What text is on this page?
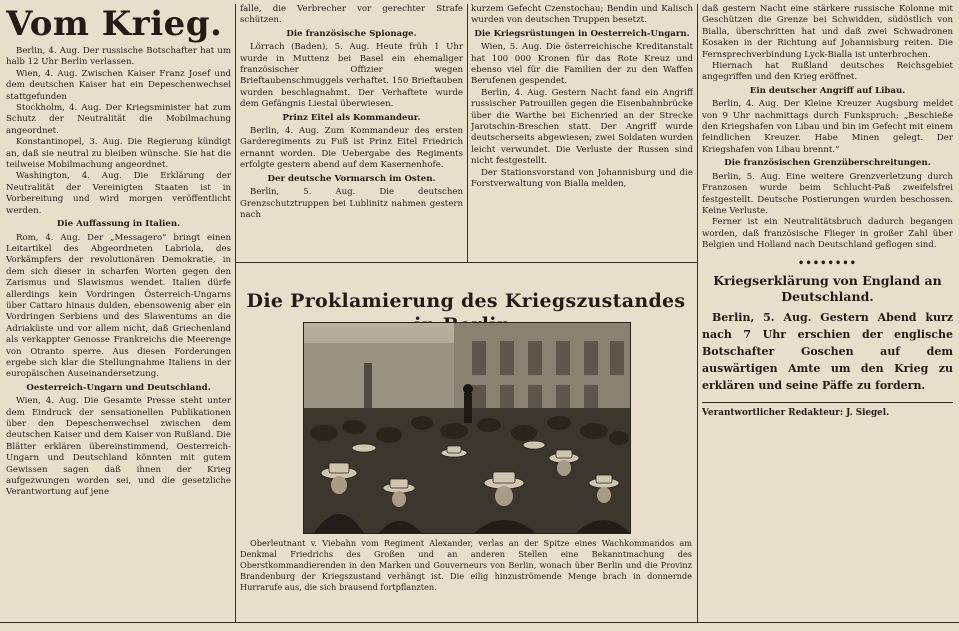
Vom Krieg.

Berlin, 4. Aug. Der russische Botschafter hat um halb 12 Uhr Berlin verlassen.

Wien, 4. Aug. Zwischen Kaiser Franz Josef und dem deutschen Kaiser hat ein Depeschenwechsel stattgefunden

Stockholm, 4. Aug. Der Kriegsminister hat zum Schutz der Neutralität die Mobilmachung angeordnet.

Konstantinopel, 3. Aug. Die Regierung kündigt an, daß sie neutral zu bleiben wünsche. Sie hat die teilweise Mobilmachung angeordnet.

Washington, 4. Aug. Die Erklärung der Neutralität der Vereinigten Staaten ist in Vorbereitung und wird morgen veröffentlicht werden.

Die Auffassung in Italien.

Rom, 4. Aug. Der „Messagero“ bringt einen Leitartikel des Abgeordneten Labriola, des Vorkämpfers der revolutionären Demokratie, in dem sich dieser in scharfen Worten gegen den Zarismus und Slawismus wendet. Italien dürfe allerdings kein Vordringen Österreich-Ungarns über Cattaro hinaus dulden, ebensowenig aber ein Vordringen Serbiens und des Slawentums an die Adriaküste und vor allem nicht, daß Griechenland als verkappter Genosse Frankreichs die Meerenge von Otranto sperre. Aus diesen Forderungen ergebe sich klar die Stellungnahme Italiens in der europäischen Auseinandersetzung.

Oesterreich-Ungarn und Deutschland.

Wien, 4. Aug. Die Gesamte Presse steht unter dem Eindruck der sensationellen Publikationen über den Depeschenwechsel zwischen dem deutschen Kaiser und dem Kaiser von Rußland. Die Blätter erklären übereinstimmend, Oesterreich-Ungarn und Deutschland könnten mit gutem Gewissen sagen daß ihnen der Krieg aufgezwungen worden sei, und die gesetzliche Verantwortung auf jene

falle, die Verbrecher vor gerechter Strafe schützen.

Die französische Spionage.

Lörrach (Baden), 5. Aug. Heute früh 1 Uhr wurde in Muttenz bei Basel ein ehemaliger französischer Offizier wegen Brieftaubenschmuggels verhaftet. 150 Brieftauben wurden beschlagnahmt. Der Verhaftete wurde dem Gefängnis Liestal überwiesen.

Prinz Eitel als Kommandeur.

Berlin, 4. Aug. Zum Kommandeur des ersten Garderegiments zu Fuß ist Prinz Eitel Friedrich ernannt worden. Die Uebergabe des Regiments erfolgte gestern abend auf dem Kasernenhofe.

Der deutsche Vormarsch im Osten.

Berlin, 5. Aug. Die deutschen Grenzschutztruppen bei Lublinitz nahmen gestern nach

kurzem Gefecht Czenstochau; Bendin und Kalisch wurden von deutschen Truppen besetzt.

Die Kriegsrüstungen in Oesterreich-Ungarn.

Wien, 5. Aug. Die österreichische Kreditanstalt hat 100 000 Kronen für das Rote Kreuz und ebenso viel für die Familien der zu den Waffen Berufenen gespendet.

Berlin, 4. Aug. Gestern Nacht fand ein Angriff russischer Patrouillen gegen die Eisenbahnbrücke über die Warthe bei Eichenried an der Strecke Jarotschin-Breschen statt. Der Angriff wurde deutscherseits abgewiesen; zwei Soldaten wurden leicht verwundet. Die Verluste der Russen sind nicht festgestellt.

Der Stationsvorstand von Johannisburg und die Forstverwaltung von Bialla melden,

Die Proklamierung des Kriegszustandes

Oberleutnant v. Viebahn vom Regiment Alexander, verlas an der Spitze eines Wachkommandos am Denkmal Friedrichs des Großen und an anderen Stellen eine Bekanntmachung des Oberstkommandierenden in den Marken und Gouverneurs von Berlin, wonach über Berlin und die Provinz Brandenburg der Kriegszustand verhängt ist. Die eilig hinzuströmende Menge brach in donnernde Hurrarufe aus, die sich brausend fortpflanzten.

daß gestern Nacht eine stärkere russische Kolonne mit Geschützen die Grenze bei Schwidden, südöstlich von Bialla, überschritten hat und daß zwei Schwadronen Kosaken in der Richtung auf Johannisburg reiten. Die Fernsprechverbindung Lyck-Bialla ist unterbrochen.

Hiernach hat Rußland deutsches Reichsgebiet angegriffen und den Krieg eröffnet.

Ein deutscher Angriff auf Libau.

Berlin, 4. Aug. Der Kleine Kreuzer Augsburg meldet von 9 Uhr nachmittags durch Funkspruch: „Beschieße den Kriegshafen von Libau und bin im Gefecht mit einem feindlichen Kreuzer. Habe Minen gelegt. Der Kriegshafen von Libau brennt.“

Die französischen Grenzüberschreitungen.

Berlin, 5. Aug. Eine weitere Grenzverletzung durch Franzosen wurde beim Schlucht-Paß zweifelsfrei festgestellt. Deutsche Postierungen wurden beschossen. Keine Verluste.

Ferner ist ein Neutralitätsbruch dadurch begangen worden, daß französische Flieger in großer Zahl über Belgien und Holland nach Deutschland geflogen sind.

••••••••
Kriegserklärung von England an Deutschland.

Berlin, 5. Aug. Gestern Abend kurz nach 7 Uhr erschien der englische Botschafter Goschen auf dem auswärtigen Amte um den Krieg zu erklären und seine Päffe zu fordern.

Verantwortlicher Redakteur: J. Siegel.
